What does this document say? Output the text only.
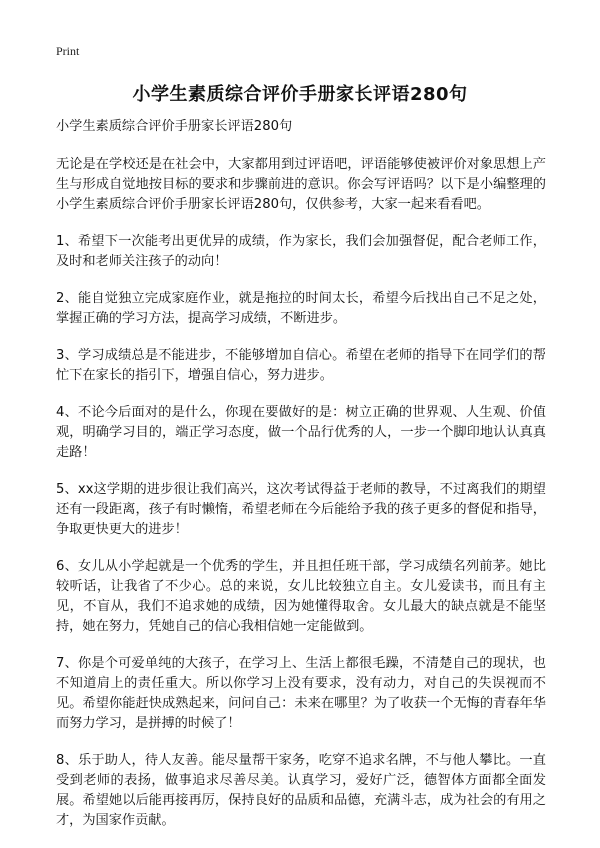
Print
小学生素质综合评价手册家长评语280句

小学生素质综合评价手册家长评语280句

无论是在学校还是在社会中，大家都用到过评语吧，评语能够使被评价对象思想上产生与形成自觉地按目标的要求和步骤前进的意识。你会写评语吗？以下是小编整理的小学生素质综合评价手册家长评语280句，仅供参考，大家一起来看看吧。

1、希望下一次能考出更优异的成绩，作为家长，我们会加强督促，配合老师工作，及时和老师关注孩子的动向！

2、能自觉独立完成家庭作业，就是拖拉的时间太长，希望今后找出自己不足之处，掌握正确的学习方法，提高学习成绩，不断进步。

3、学习成绩总是不能进步，不能够增加自信心。希望在老师的指导下在同学们的帮忙下在家长的指引下，增强自信心，努力进步。

4、不论今后面对的是什么，你现在要做好的是：树立正确的世界观、人生观、价值观，明确学习目的，端正学习态度，做一个品行优秀的人，一步一个脚印地认认真真走路！

5、xx这学期的进步很让我们高兴，这次考试得益于老师的教导，不过离我们的期望还有一段距离，孩子有时懒惰，希望老师在今后能给予我的孩子更多的督促和指导，争取更快更大的进步！

6、女儿从小学起就是一个优秀的学生，并且担任班干部，学习成绩名列前茅。她比较听话，让我省了不少心。总的来说，女儿比较独立自主。女儿爱读书，而且有主见，不盲从，我们不追求她的成绩，因为她懂得取舍。女儿最大的缺点就是不能坚持，她在努力，凭她自己的信心我相信她一定能做到。

7、你是个可爱单纯的大孩子，在学习上、生活上都很毛躁，不清楚自己的现状，也不知道肩上的责任重大。所以你学习上没有要求，没有动力，对自己的失误视而不见。希望你能赶快成熟起来，问问自己：未来在哪里？为了收获一个无悔的青春年华而努力学习，是拼搏的时候了！

8、乐于助人，待人友善。能尽量帮干家务，吃穿不追求名牌，不与他人攀比。一直受到老师的表扬，做事追求尽善尽美。认真学习，爱好广泛，德智体方面都全面发展。希望她以后能再接再厉，保持良好的品质和品德，充满斗志，成为社会的有用之才，为国家作贡献。
